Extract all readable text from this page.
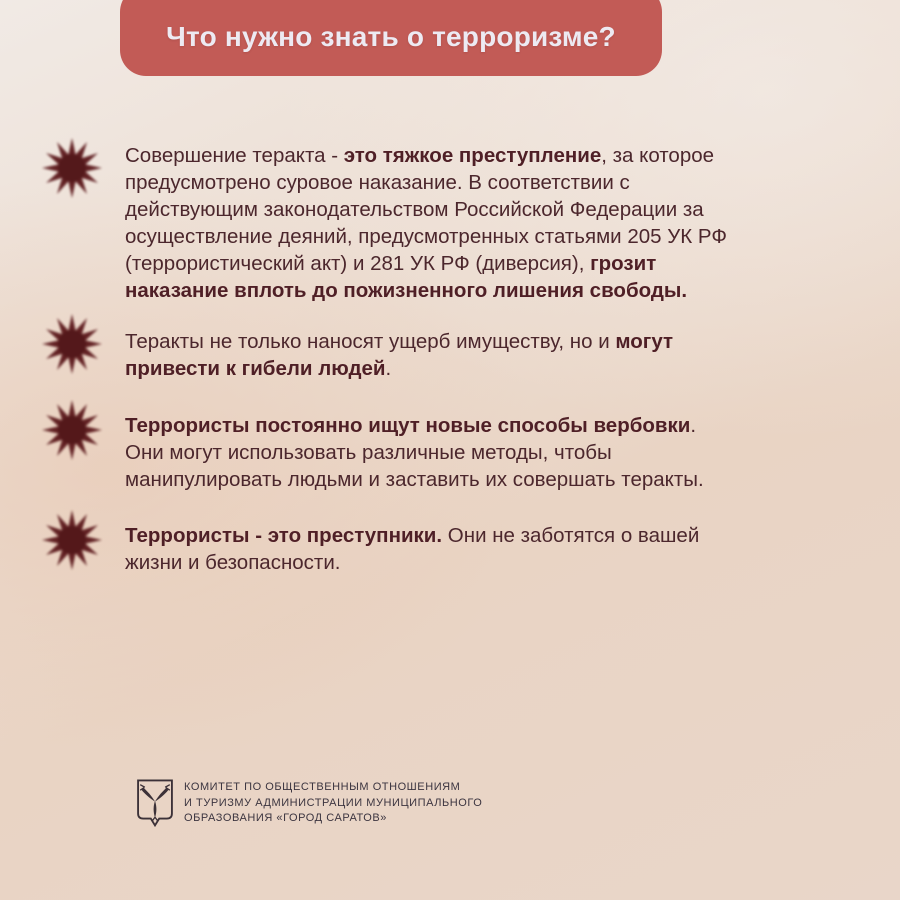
Что нужно знать о терроризме?
Совершение теракта - это тяжкое преступление, за которое
предусмотрено суровое наказание. В соответствии с
действующим законодательством Российской Федерации за
осуществление деяний, предусмотренных статьями 205 УК РФ
(террористический акт) и 281 УК РФ (диверсия), грозит
наказание вплоть до пожизненного лишения свободы.
Теракты не только наносят ущерб имуществу, но и могут
привести к гибели людей.
Террористы постоянно ищут новые способы вербовки.
Они могут использовать различные методы, чтобы
манипулировать людьми и заставить их совершать теракты.
Террористы - это преступники. Они не заботятся о вашей
жизни и безопасности.
КОМИТЕТ ПО ОБЩЕСТВЕННЫМ ОТНОШЕНИЯМ
И ТУРИЗМУ АДМИНИСТРАЦИИ МУНИЦИПАЛЬНОГО
ОБРАЗОВАНИЯ «ГОРОД САРАТОВ»
